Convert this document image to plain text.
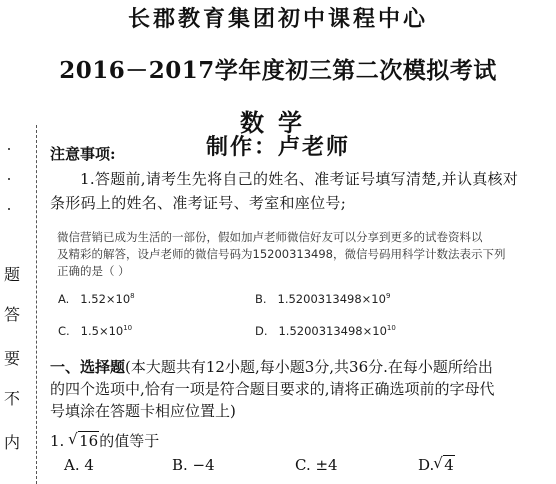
长郡教育集团初中课程中心
2016－2017学年度初三第二次模拟考试
数学
制作：卢老师
题
答
要
不
内
注意事项:
1.答题前,请考生先将自己的姓名、准考证号填写清楚,并认真核对
条形码上的姓名、准考证号、考室和座位号;
微信营销已成为生活的一部份，假如加卢老师微信好友可以分享到更多的试卷资料以
及精彩的解答，设卢老师的微信号码为15200313498，微信号码用科学计数法表示下列
正确的是（ ）
A. $1.52\times 10^8$	B. $1.5200313498\times 10^9$
C. $1.5\times 10^{10}$	D. $1.5200313498\times 10^{10}$
一、选择题(本大题共有12小题,每小题3分,共36分.在每小题所给出
的四个选项中,恰有一项是符合题目要求的,请将正确选项前的字母代
号填涂在答题卡相应位置上)
1. √ 16的值等于
A. 4	B. −4	C. ±4	D. √ 4
